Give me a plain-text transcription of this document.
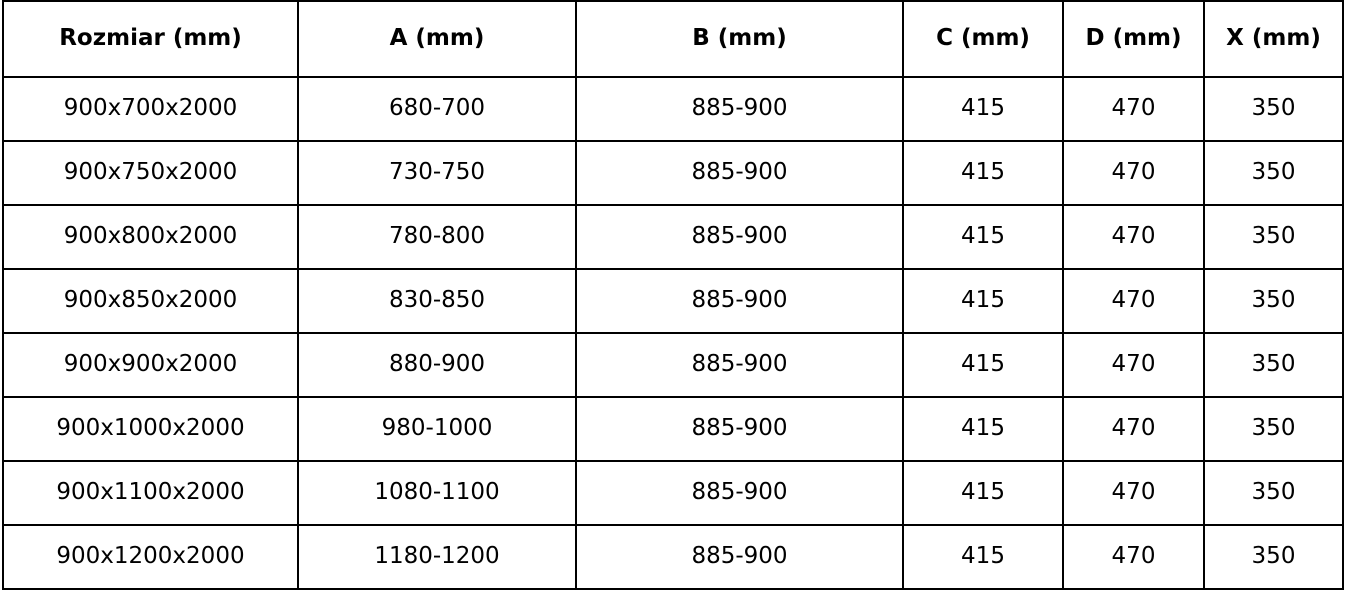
Rozmiar (mm)	A (mm)	B (mm)	C (mm)	D (mm)	X (mm)
900x700x2000	680-700	885-900	415	470	350
900x750x2000	730-750	885-900	415	470	350
900x800x2000	780-800	885-900	415	470	350
900x850x2000	830-850	885-900	415	470	350
900x900x2000	880-900	885-900	415	470	350
900x1000x2000	980-1000	885-900	415	470	350
900x1100x2000	1080-1100	885-900	415	470	350
900x1200x2000	1180-1200	885-900	415	470	350
